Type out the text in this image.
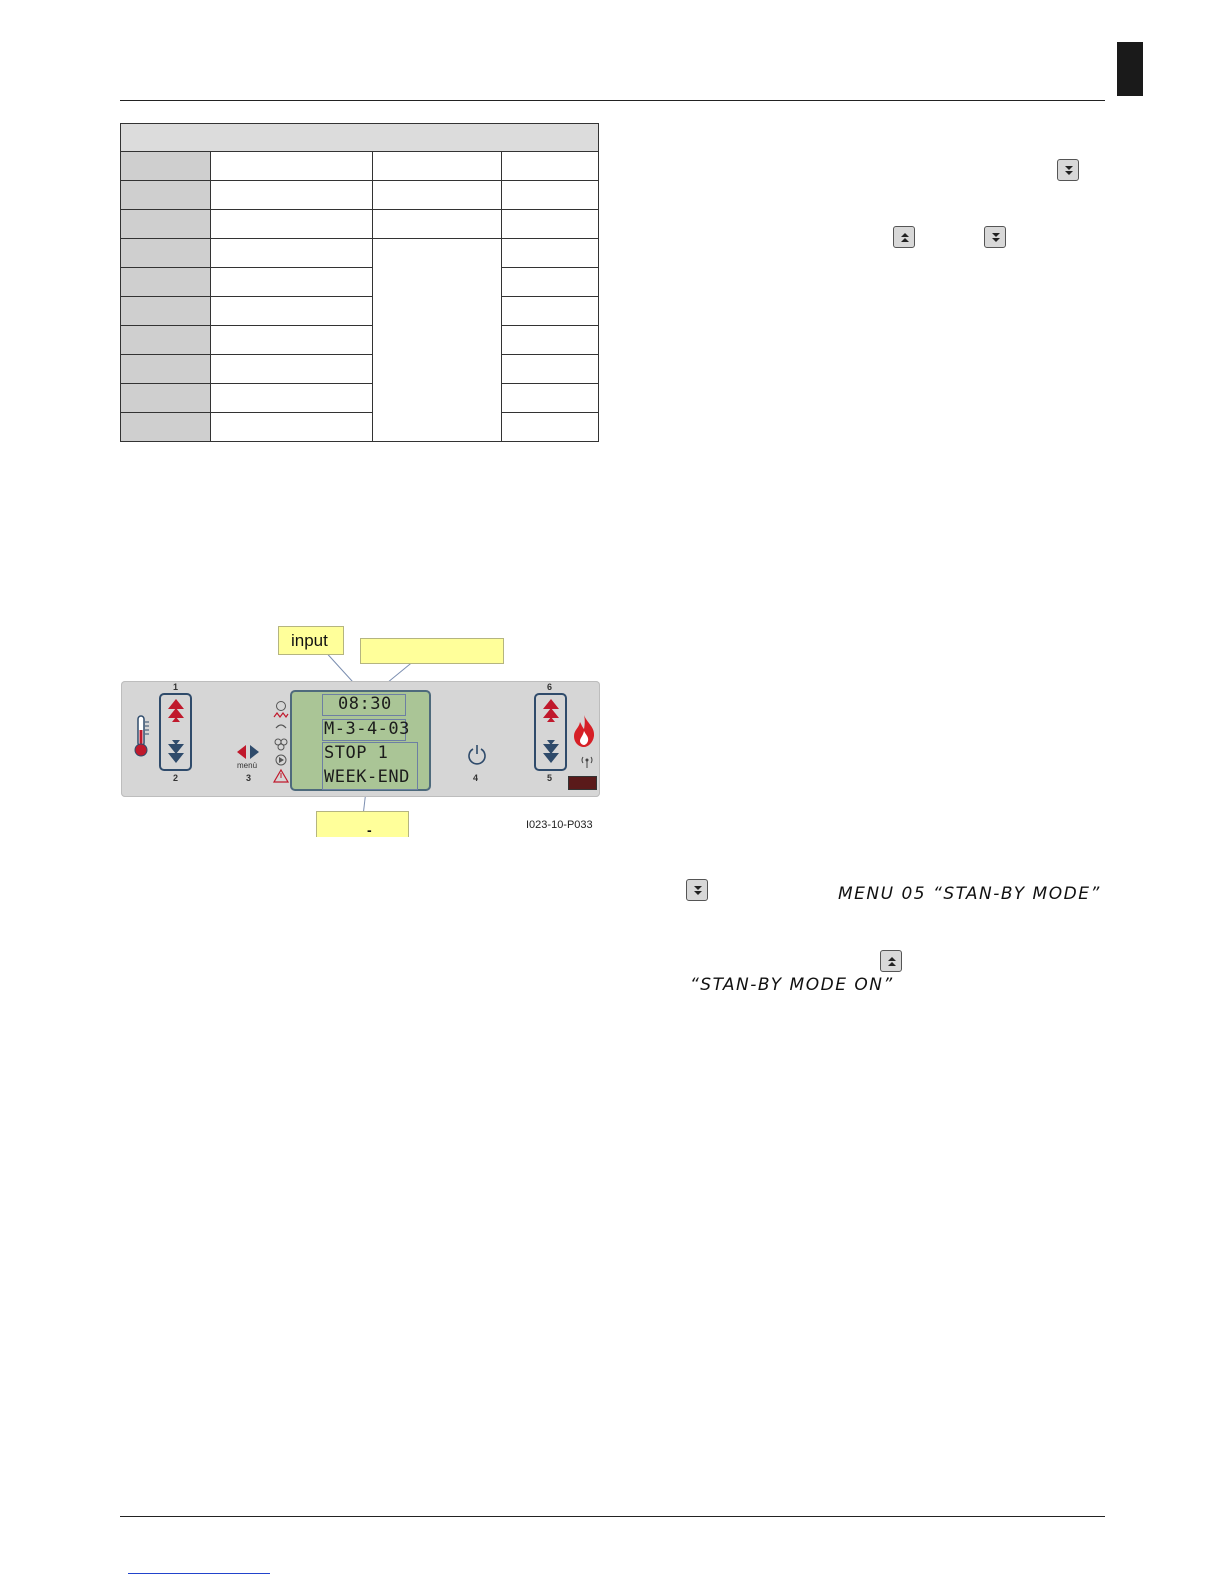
MENU 05 “STAN-BY MODE”
“STAN-BY MODE ON”
input
-
1
2
menù
3
08:30
M-3-4-03
STOP 1
WEEK-END	4
6
5
I023-10-P033
